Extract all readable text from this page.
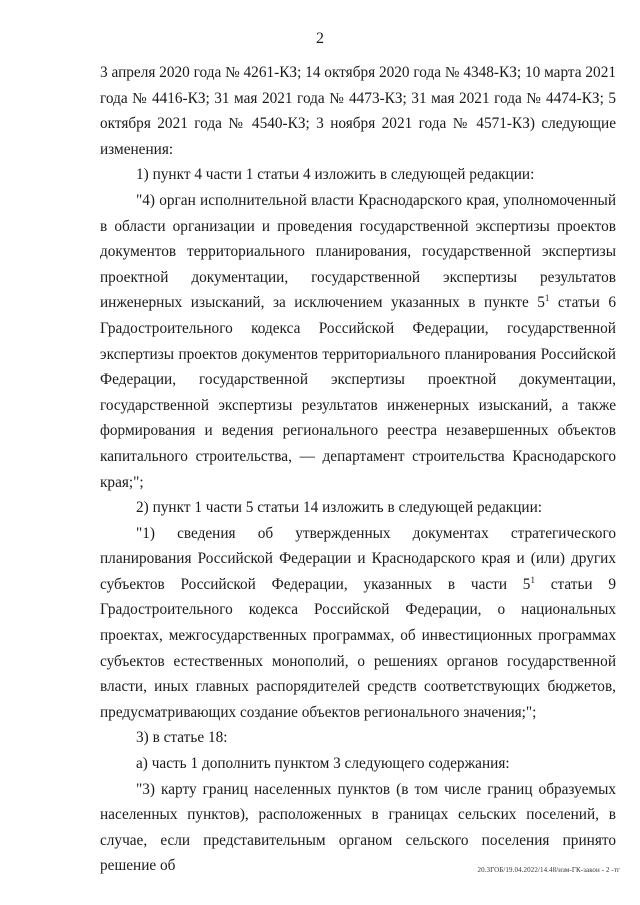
2

3 апреля 2020 года № 4261-КЗ; 14 октября 2020 года № 4348-КЗ; 10 марта 2021 года № 4416-КЗ; 31 мая 2021 года № 4473-КЗ; 31 мая 2021 года № 4474-КЗ; 5 октября 2021 года № 4540-КЗ; 3 ноября 2021 года № 4571-КЗ) следующие изменения:

1) пункт 4 части 1 статьи 4 изложить в следующей редакции:

"4) орган исполнительной власти Краснодарского края, уполномоченный в области организации и проведения государственной экспертизы проектов документов территориального планирования, государственной экспертизы проектной документации, государственной экспертизы результатов инженерных изысканий, за исключением указанных в пункте $5^1$ статьи 6 Градостроительного кодекса Российской Федерации, государственной экспертизы проектов документов территориального планирования Российской Федерации, государственной экспертизы проектной документации, государственной экспертизы результатов инженерных изысканий, а также формирования и ведения регионального реестра незавершенных объектов капитального строительства, — департамент строительства Краснодарского края;";

2) пункт 1 части 5 статьи 14 изложить в следующей редакции:

"1) сведения об утвержденных документах стратегического планирования Российской Федерации и Краснодарского края и (или) других субъектов Российской Федерации, указанных в части $5^1$ статьи 9 Градостроительного кодекса Российской Федерации, о национальных проектах, межгосударственных программах, об инвестиционных программах субъектов естественных монополий, о решениях органов государственной власти, иных главных распорядителей средств соответствующих бюджетов, предусматривающих создание объектов регионального значения;";

3) в статье 18:

а) часть 1 дополнить пунктом 3 следующего содержания:

"3) карту границ населенных пунктов (в том числе границ образуемых населенных пунктов), расположенных в границах сельских поселений, в случае, если представительным органом сельского поселения принято решение об	20.3ГОБ/19.04.2022/14.48/изм-ГК-закон - 2 -тг
